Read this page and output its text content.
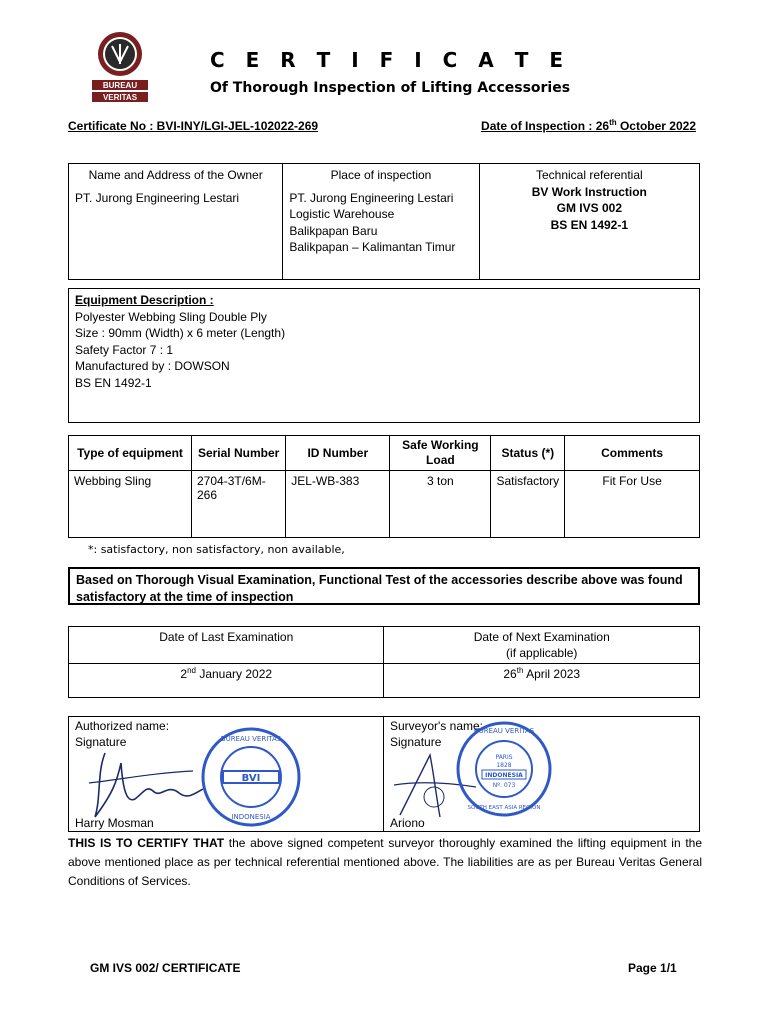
BUREAU
VERITAS
C E R T I F I C A T E
Of Thorough Inspection of Lifting Accessories
Certificate No : BVI-INY/LGI-JEL-102022-269	Date of Inspection : 26th October 2022
Name and Address of the Owner
PT. Jurong Engineering Lestari
Place of inspection
PT. Jurong Engineering Lestari
Logistic Warehouse
Balikpapan Baru
Balikpapan – Kalimantan Timur
Technical referential
BV Work Instruction
GM IVS 002
BS EN 1492-1
Equipment Description :
Polyester Webbing Sling Double Ply
Size : 90mm (Width) x 6 meter (Length)
Safety Factor 7 : 1
Manufactured by : DOWSON
BS EN 1492-1
Type of equipment	Serial Number	ID Number	Safe Working Load	Status (*)	Comments
Webbing Sling	2704-3T/6M-266	JEL-WB-383	3 ton	Satisfactory	Fit For Use
*: satisfactory, non satisfactory, non available,
Based on Thorough Visual Examination, Functional Test of the accessories describe above was found satisfactory at the time of inspection
Date of Last Examination	Date of Next Examination
(if applicable)

2nd January 2022	26th April 2023
Authorized name:
Signature
BVI
BUREAU VERITAS
INDONESIA
Harry Mosman
Surveyor's name:
Signature
BUREAU VERITAS
PARIS
1828
INDONESIA
Nº. 073
SOUTH EAST ASIA REGION
Ariono
THIS IS TO CERTIFY THAT the above signed competent surveyor thoroughly examined the lifting equipment in the above mentioned place as per technical referential mentioned above. The liabilities are as per Bureau Veritas General Conditions of Services.
GM IVS 002/ CERTIFICATE	Page 1/1
